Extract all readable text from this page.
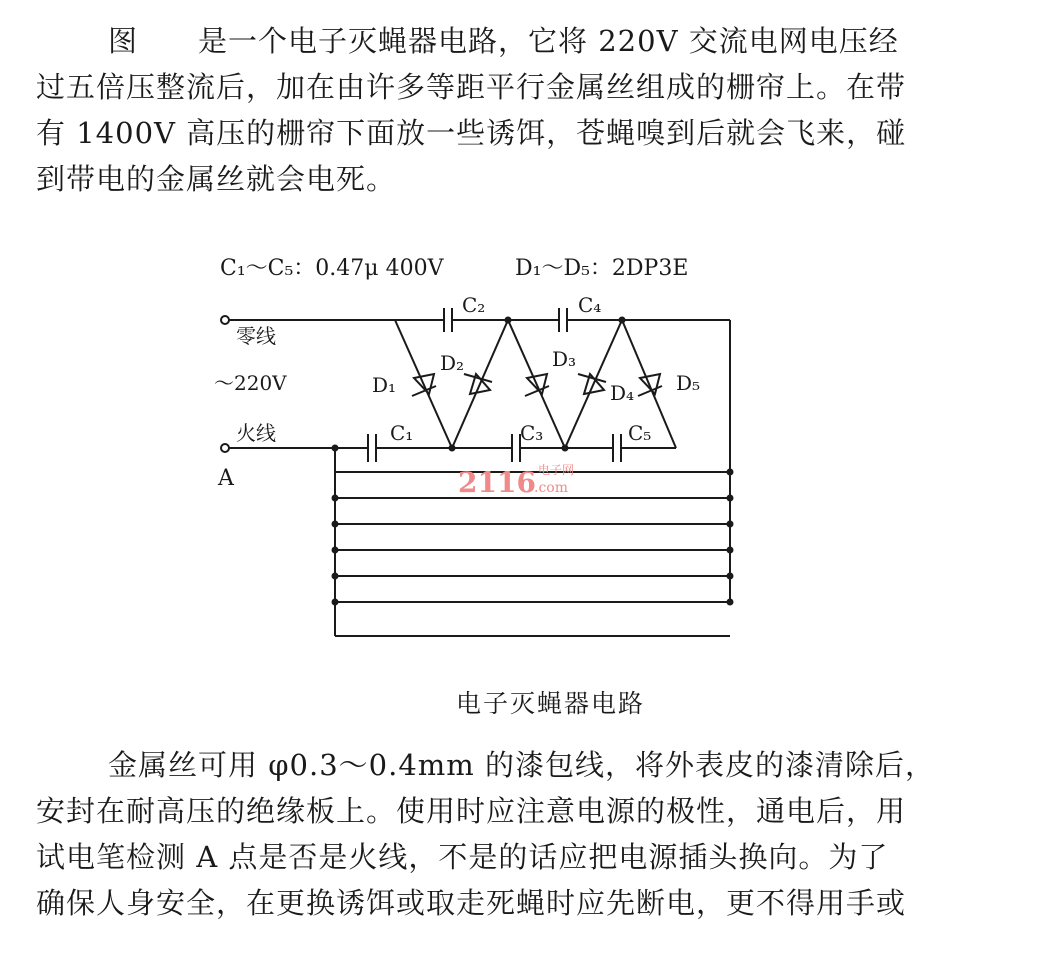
图　　是一个电子灭蝇器电路，它将 220V 交流电网电压经
过五倍压整流后，加在由许多等距平行金属丝组成的栅帘上。在带
有 1400V 高压的栅帘下面放一些诱饵，苍蝇嗅到后就会飞来，碰
到带电的金属丝就会电死。
C₁～C₅：0.47μ 400V	D₁～D₅：2DP3E
零线
～220V
火线
A
C₂	C₄
C₁	C₃	C₅
D₁
D₂	D₃
D₄ D₅
2116 电子网
.com
电子灭蝇器电路
金属丝可用 φ0.3～0.4mm 的漆包线，将外表皮的漆清除后，
安封在耐高压的绝缘板上。使用时应注意电源的极性，通电后，用
试电笔检测 A 点是否是火线，不是的话应把电源插头换向。为了
确保人身安全，在更换诱饵或取走死蝇时应先断电，更不得用手或
